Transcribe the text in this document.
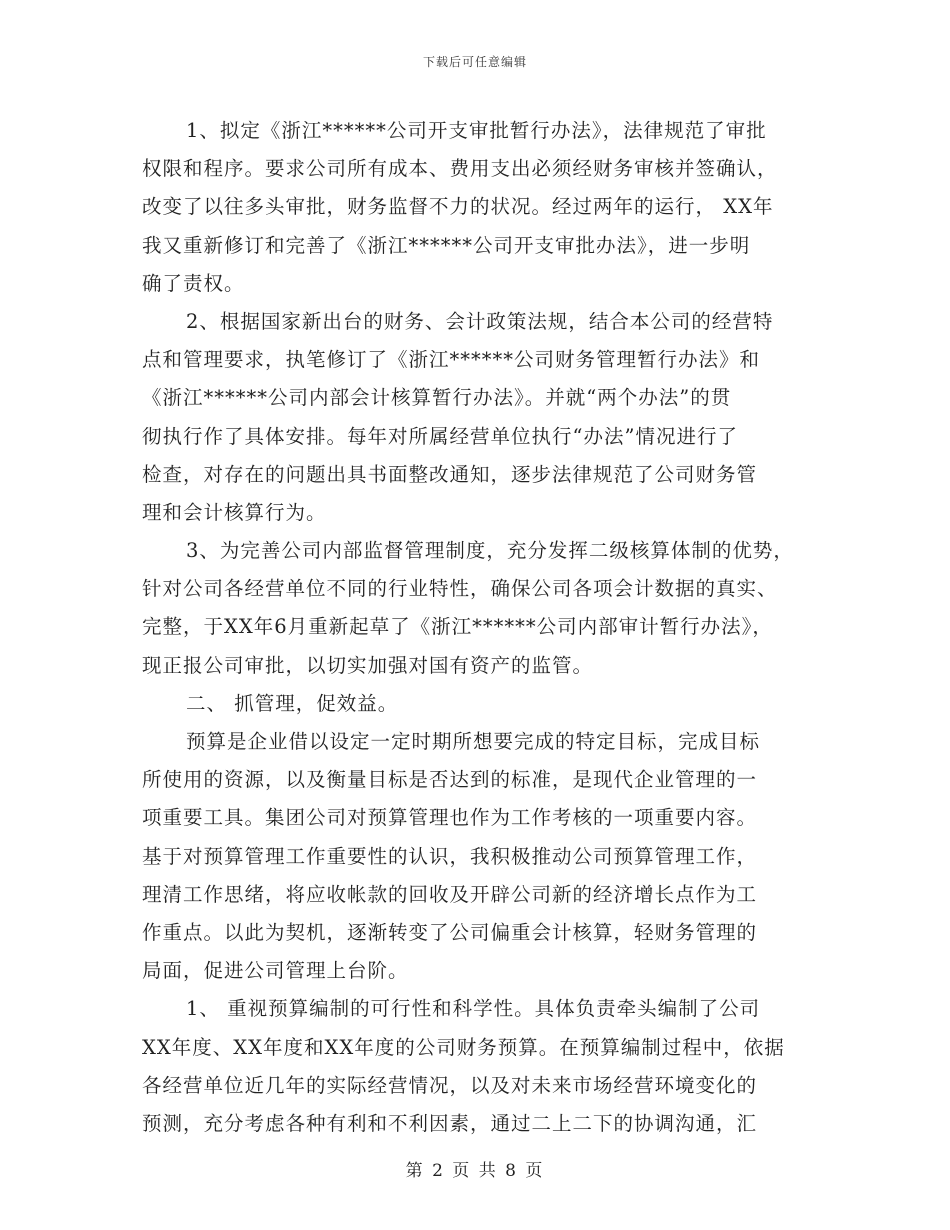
下载后可任意编辑
1、拟定《浙江******公司开支审批暂行办法》，法律规范了审批
权限和程序。要求公司所有成本、费用支出必须经财务审核并签确认，
改变了以往多头审批，财务监督不力的状况。经过两年的运行， XX年
我又重新修订和完善了《浙江******公司开支审批办法》，进一步明
确了责权。
2、根据国家新出台的财务、会计政策法规，结合本公司的经营特
点和管理要求，执笔修订了《浙江******公司财务管理暂行办法》和
《浙江******公司内部会计核算暂行办法》。并就“两个办法”的贯
彻执行作了具体安排。每年对所属经营单位执行“办法”情况进行了
检查，对存在的问题出具书面整改通知，逐步法律规范了公司财务管
理和会计核算行为。
3、为完善公司内部监督管理制度，充分发挥二级核算体制的优势，
针对公司各经营单位不同的行业特性，确保公司各项会计数据的真实、
完整，于XX年6月重新起草了《浙江******公司内部审计暂行办法》，
现正报公司审批，以切实加强对国有资产的监管。
二、 抓管理，促效益。
预算是企业借以设定一定时期所想要完成的特定目标，完成目标
所使用的资源，以及衡量目标是否达到的标准，是现代企业管理的一
项重要工具。集团公司对预算管理也作为工作考核的一项重要内容。
基于对预算管理工作重要性的认识，我积极推动公司预算管理工作，
理清工作思绪，将应收帐款的回收及开辟公司新的经济增长点作为工
作重点。以此为契机，逐渐转变了公司偏重会计核算，轻财务管理的
局面，促进公司管理上台阶。
1、 重视预算编制的可行性和科学性。具体负责牵头编制了公司
XX年度、XX年度和XX年度的公司财务预算。在预算编制过程中，依据
各经营单位近几年的实际经营情况，以及对未来市场经营环境变化的
预测，充分考虑各种有利和不利因素，通过二上二下的协调沟通，汇
第 2 页 共 8 页
